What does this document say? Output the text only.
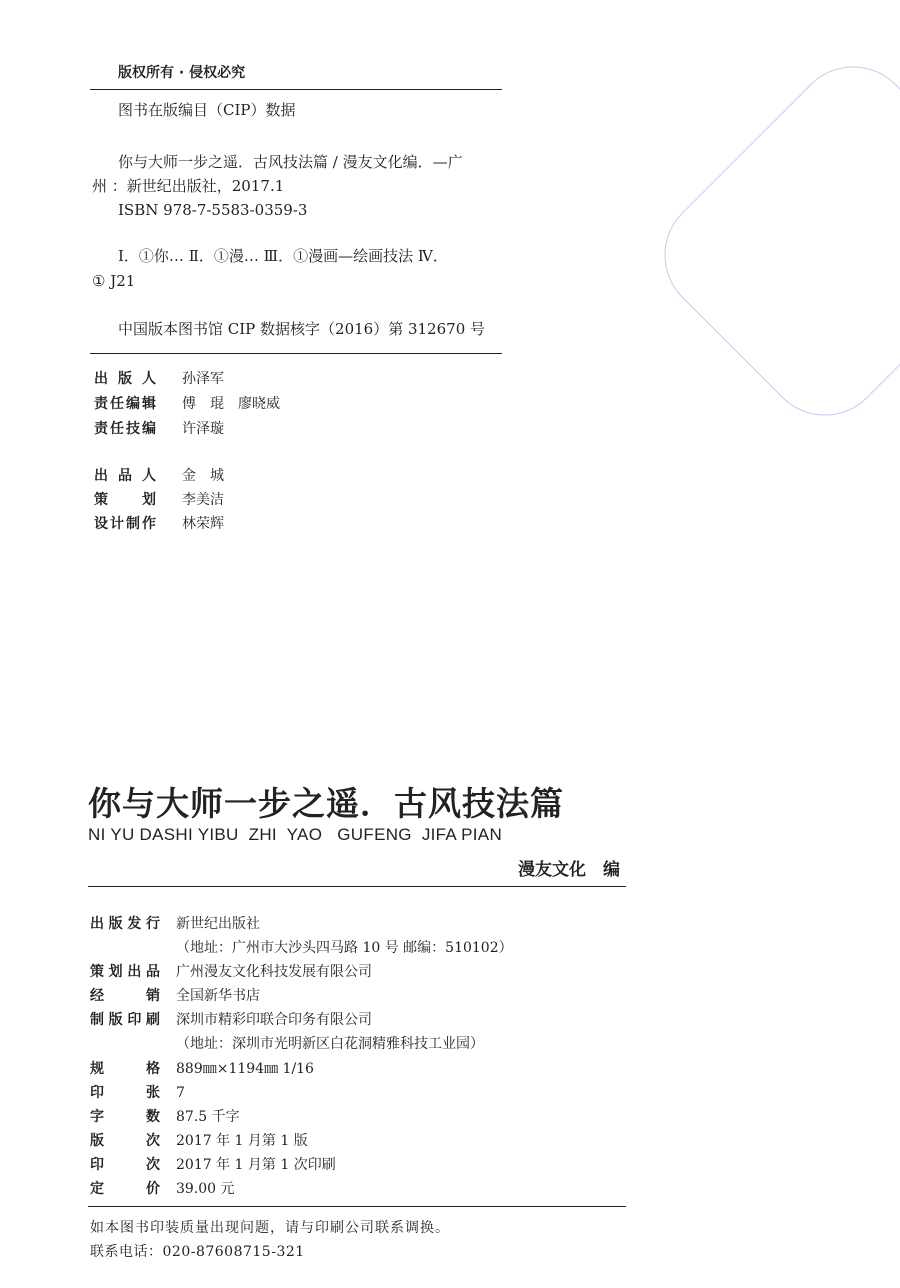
版权所有 · 侵权必究
图书在版编目（CIP）数据
你与大师一步之遥．古风技法篇 / 漫友文化编．—广
州 ：新世纪出版社，2017.1
ISBN 978-7-5583-0359-3
Ⅰ．①你… Ⅱ．①漫… Ⅲ．①漫画—绘画技法 Ⅳ．
① J21
中国版本图书馆 CIP 数据核字（2016）第 312670 号
出 版 人 孙泽军
责任编辑 傅　琨　廖晓威
责任技编 许泽璇
出 品 人 金　城
策 　 划 李美洁
设计制作 林荣辉
你与大师一步之遥．古风技法篇
NI YU DASHI YIBU  ZHI  YAO   GUFENG  JIFA PIAN
漫友文化　编
出版发行 新世纪出版社
（地址：广州市大沙头四马路 10 号 邮编：510102）
策划出品 广州漫友文化科技发展有限公司
经　销 全国新华书店
制版印刷 深圳市精彩印联合印务有限公司
（地址：深圳市光明新区白花洞精雅科技工业园）
规　格 889㎜×1194㎜ 1/16
印　张 7
字　数 87.5 千字
版　次 2017 年 1 月第 1 版
印　次 2017 年 1 月第 1 次印刷
定　价 39.00 元
如本图书印装质量出现问题，请与印刷公司联系调换。
联系电话：020-87608715-321
